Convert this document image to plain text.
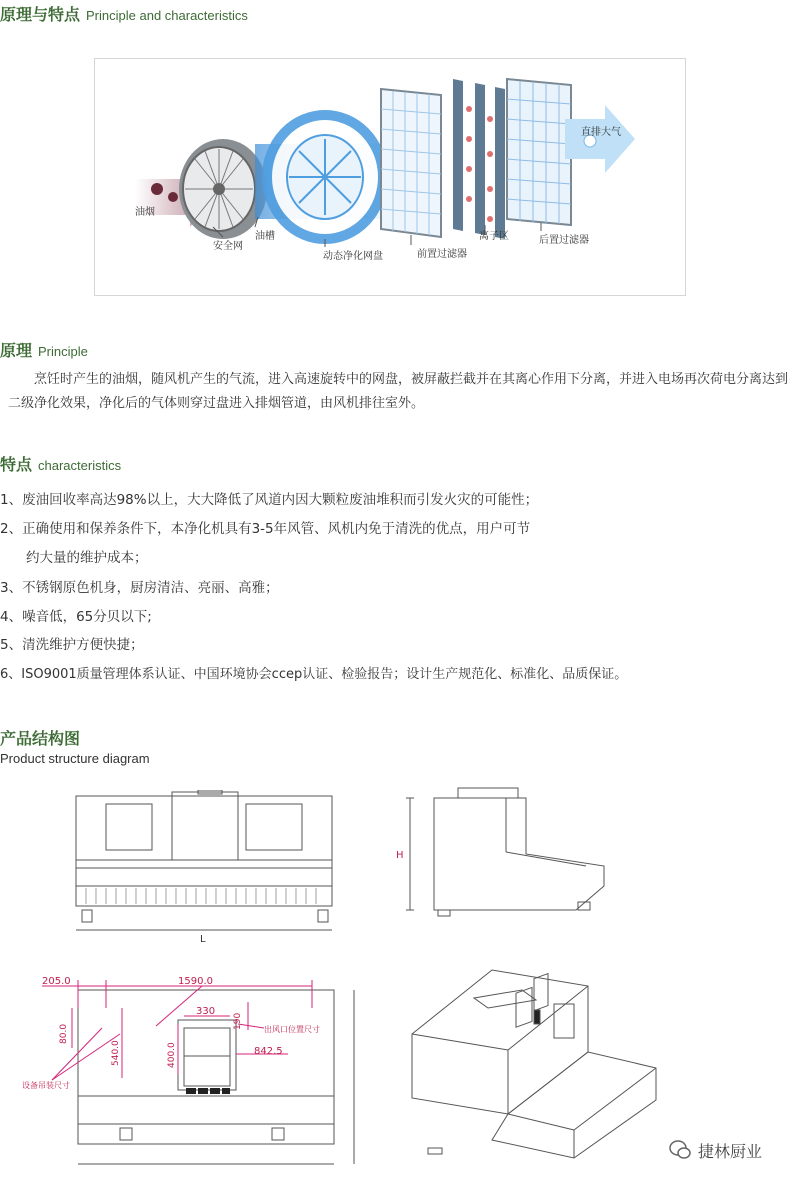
原理与特点 Principle and characteristics
油烟
安全网
油槽
动态净化网盘	前置过滤器
离子区	后置过滤器
直排大气
原理 Principle

烹饪时产生的油烟，随风机产生的气流，进入高速旋转中的网盘，被屏蔽拦截并在其离心作用下分离，并进入电场再次荷电分离达到二级净化效果，净化后的气体则穿过盘进入排烟管道，由风机排往室外。

特点 characteristics
1、废油回收率高达98%以上，大大降低了风道内因大颗粒废油堆积而引发火灾的可能性；
2、正确使用和保养条件下，本净化机具有3-5年风管、风机内免于清洗的优点，用户可节
约大量的维护成本；
3、不锈钢原色机身，厨房清洁、亮丽、高雅；
4、噪音低，65分贝以下;
5、清洗维护方便快捷；
6、ISO9001质量管理体系认证、中国环境协会ccep认证、检验报告；设计生产规范化、标准化、品质保证。
产品结构图
Product structure diagram
L
H
205.0	1590.0
330
190
80.0
540.0	400.0	842.5
出风口位置尺寸
设备吊装尺寸
捷林厨业
